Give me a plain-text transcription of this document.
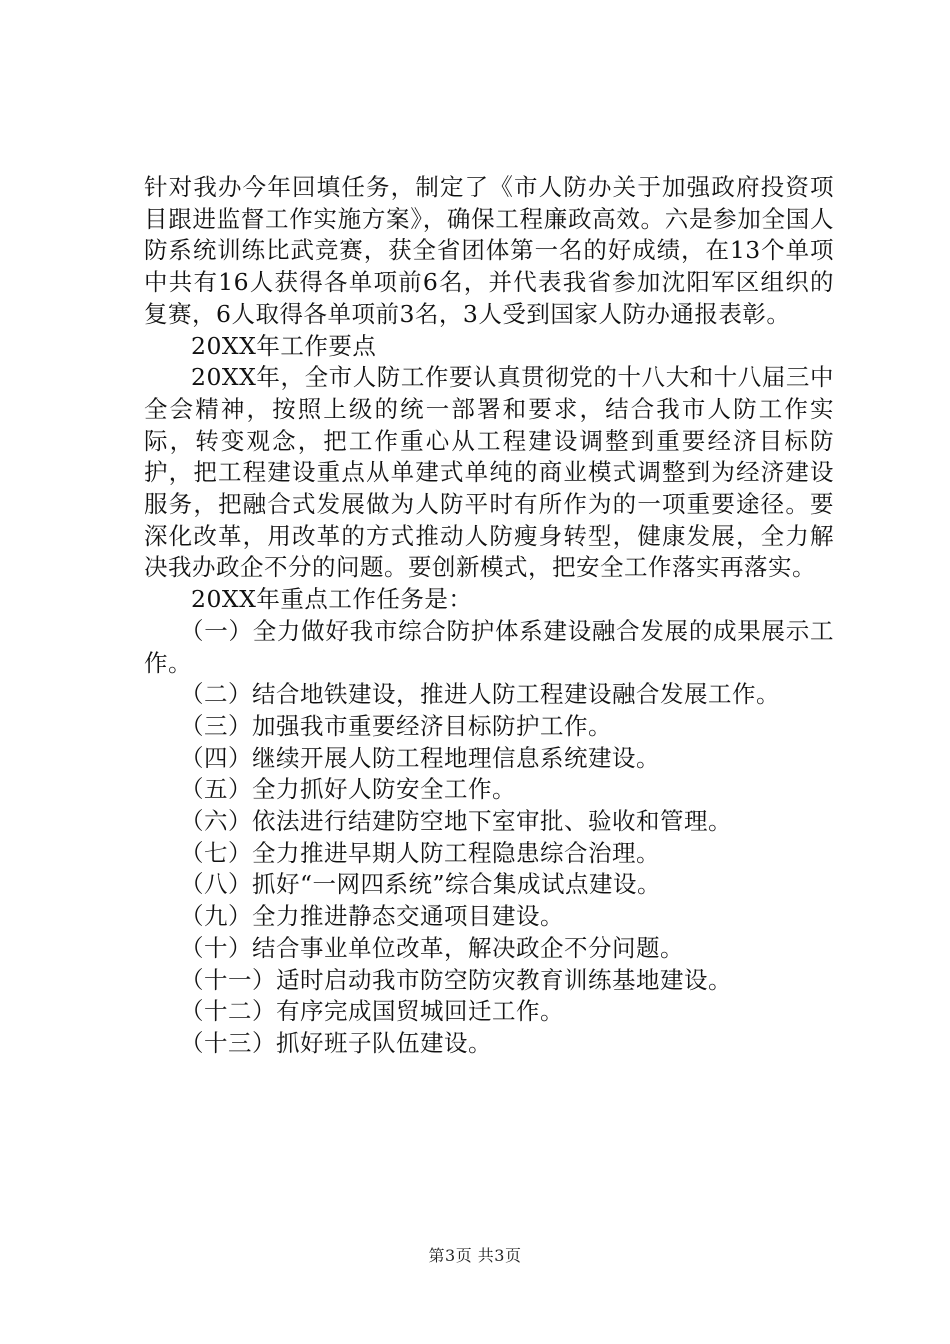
针对我办今年回填任务，制定了《市人防办关于加强政府投资项目跟进监督工作实施方案》，确保工程廉政高效。六是参加全国人防系统训练比武竞赛，获全省团体第一名的好成绩，在13个单项中共有16人获得各单项前6名，并代表我省参加沈阳军区组织的复赛，6人取得各单项前3名，3人受到国家人防办通报表彰。

20XX年工作要点

20XX年，全市人防工作要认真贯彻党的十八大和十八届三中全会精神，按照上级的统一部署和要求，结合我市人防工作实际，转变观念，把工作重心从工程建设调整到重要经济目标防护，把工程建设重点从单建式单纯的商业模式调整到为经济建设服务，把融合式发展做为人防平时有所作为的一项重要途径。要深化改革，用改革的方式推动人防瘦身转型，健康发展，全力解决我办政企不分的问题。要创新模式，把安全工作落实再落实。

20XX年重点工作任务是：

（一）全力做好我市综合防护体系建设融合发展的成果展示工作。

（二）结合地铁建设，推进人防工程建设融合发展工作。

（三）加强我市重要经济目标防护工作。

（四）继续开展人防工程地理信息系统建设。

（五）全力抓好人防安全工作。

（六）依法进行结建防空地下室审批、验收和管理。

（七）全力推进早期人防工程隐患综合治理。

（八）抓好“一网四系统”综合集成试点建设。

（九）全力推进静态交通项目建设。

（十）结合事业单位改革，解决政企不分问题。

（十一）适时启动我市防空防灾教育训练基地建设。

（十二）有序完成国贸城回迁工作。

（十三）抓好班子队伍建设。

第3页 共3页
